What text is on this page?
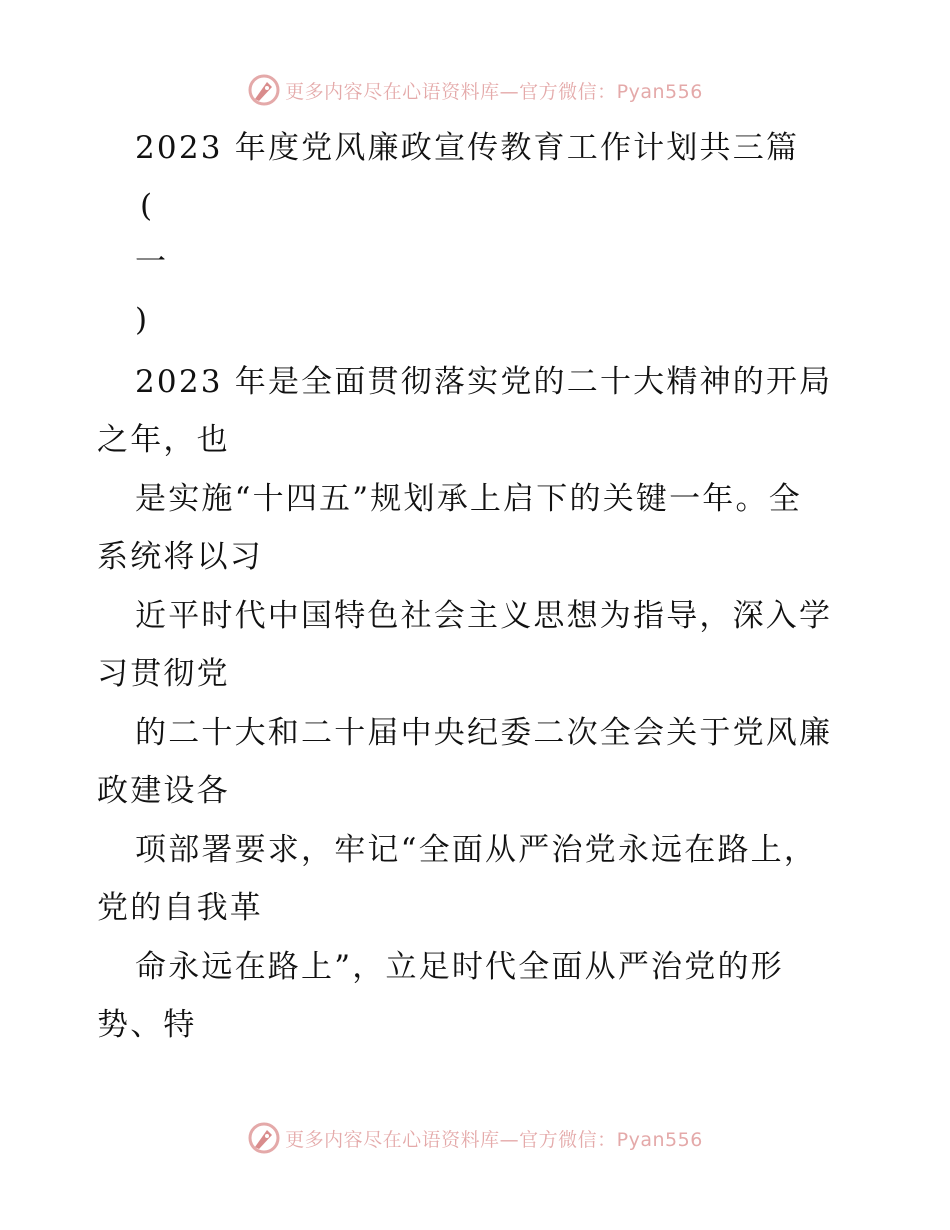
更多内容尽在心语资料库—官方微信：Pyan556
2023 年度党风廉政宣传教育工作计划共三篇
(
一
)
2023 年是全面贯彻落实党的二十大精神的开局
之年，也
是实施“十四五”规划承上启下的关键一年。全
系统将以习
近平时代中国特色社会主义思想为指导，深入学
习贯彻党
的二十大和二十届中央纪委二次全会关于党风廉
政建设各
项部署要求，牢记“全面从严治党永远在路上，
党的自我革
命永远在路上”，立足时代全面从严治党的形
势、特
更多内容尽在心语资料库—官方微信：Pyan556
